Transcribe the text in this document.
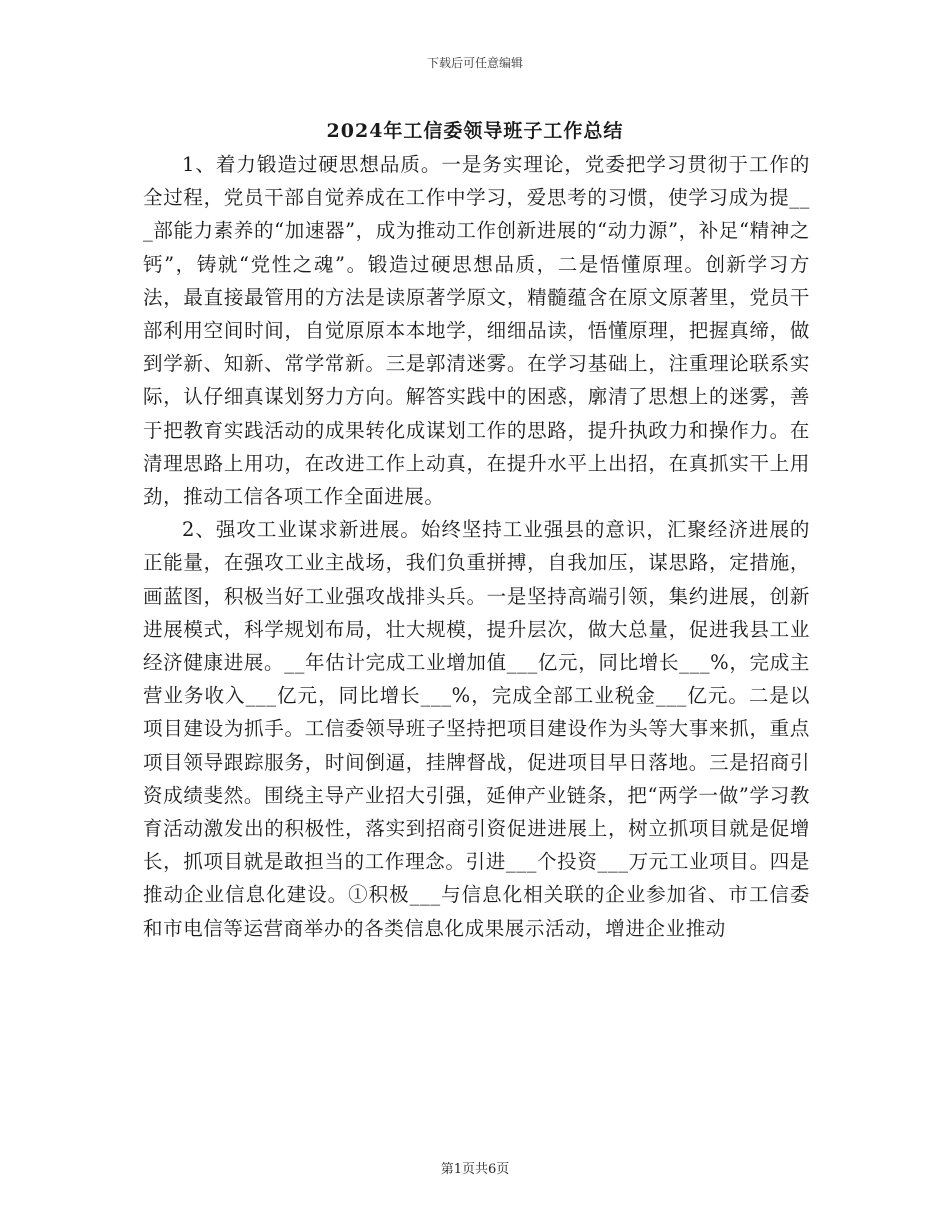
下载后可任意编辑
2024年工信委领导班子工作总结

1、着力锻造过硬思想品质。一是务实理论，党委把学习贯彻于工作的全过程，党员干部自觉养成在工作中学习，爱思考的习惯，使学习成为提___部能力素养的“加速器”，成为推动工作创新进展的“动力源”，补足“精神之钙”，铸就“党性之魂”。锻造过硬思想品质，二是悟懂原理。创新学习方法，最直接最管用的方法是读原著学原文，精髓蕴含在原文原著里，党员干部利用空间时间，自觉原原本本地学，细细品读，悟懂原理，把握真缔，做到学新、知新、常学常新。三是郭清迷雾。在学习基础上，注重理论联系实际，认仔细真谋划努力方向。解答实践中的困惑，廓清了思想上的迷雾，善于把教育实践活动的成果转化成谋划工作的思路，提升执政力和操作力。在清理思路上用功，在改进工作上动真，在提升水平上出招，在真抓实干上用劲，推动工信各项工作全面进展。

2、强攻工业谋求新进展。始终坚持工业强县的意识，汇聚经济进展的正能量，在强攻工业主战场，我们负重拼搏，自我加压，谋思路，定措施，画蓝图，积极当好工业强攻战排头兵。一是坚持高端引领，集约进展，创新进展模式，科学规划布局，壮大规模，提升层次，做大总量，促进我县工业经济健康进展。__年估计完成工业增加值___亿元，同比增长___%，完成主营业务收入___亿元，同比增长___%，完成全部工业税金___亿元。二是以项目建设为抓手。工信委领导班子坚持把项目建设作为头等大事来抓，重点项目领导跟踪服务，时间倒逼，挂牌督战，促进项目早日落地。三是招商引资成绩斐然。围绕主导产业招大引强，延伸产业链条，把“两学一做”学习教育活动激发出的积极性，落实到招商引资促进进展上，树立抓项目就是促增长，抓项目就是敢担当的工作理念。引进___个投资___万元工业项目。四是推动企业信息化建设。①积极___与信息化相关联的企业参加省、市工信委和市电信等运营商举办的各类信息化成果展示活动，增进企业推动

第1页共6页
